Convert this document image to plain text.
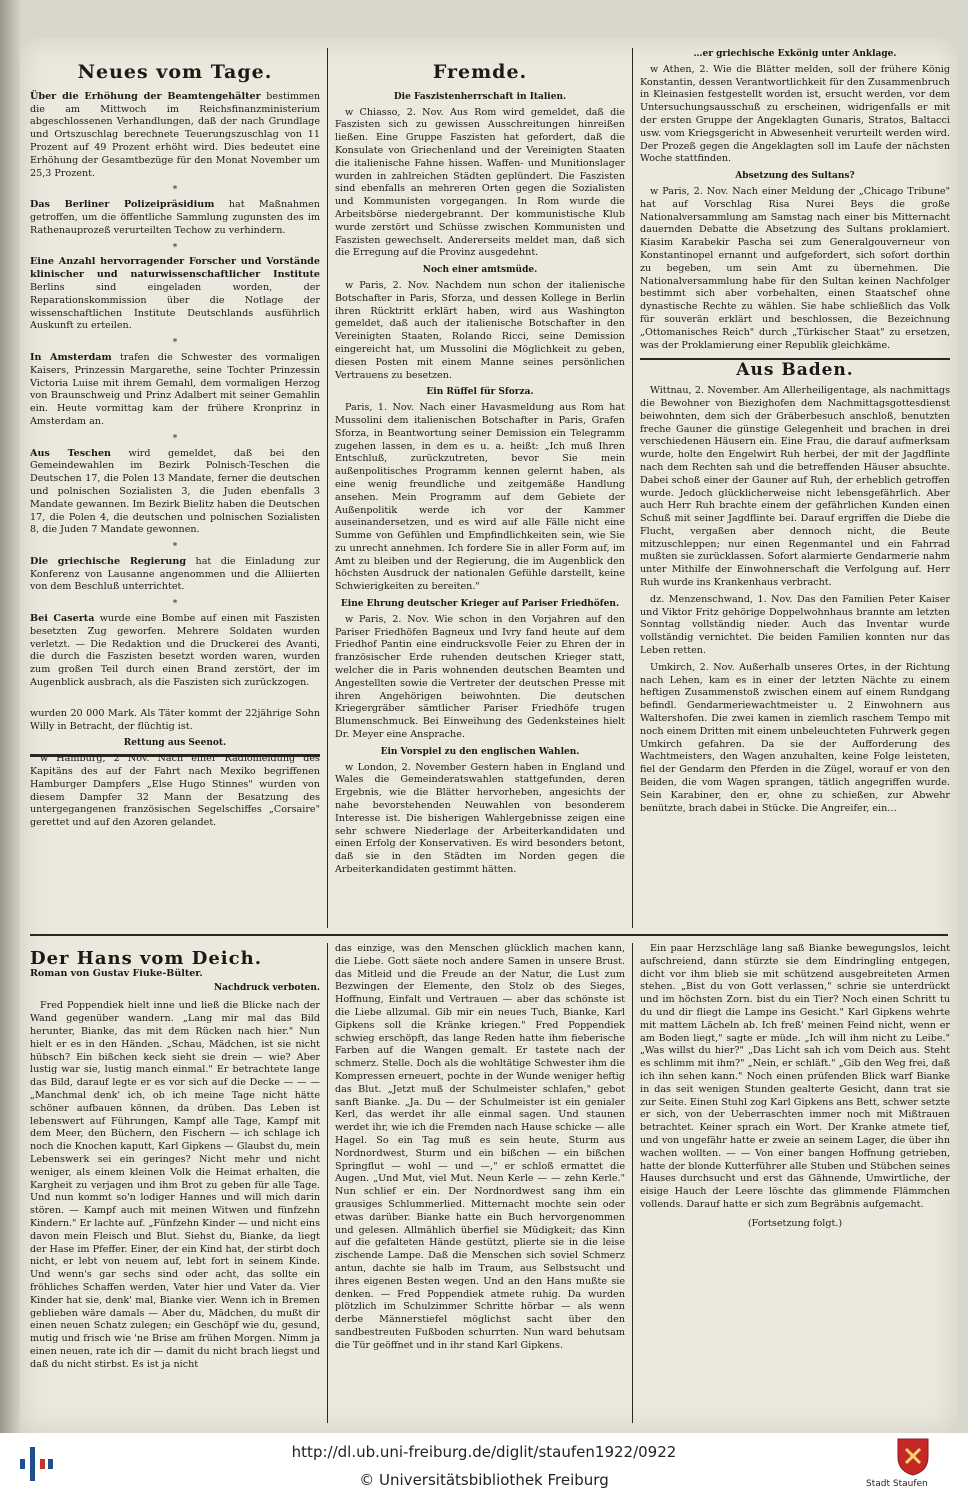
Neues vom Tage.

Über die Erhöhung der Beamtengehälter bestimmen die am Mittwoch im Reichsfinanzministerium abgeschlossenen Verhandlungen, daß der nach Grundlage und Ortszuschlag berechnete Teuerungszuschlag von 11 Prozent auf 49 Prozent erhöht wird. Dies bedeutet eine Erhöhung der Gesamtbezüge für den Monat November um 25,3 Prozent.

*

Das Berliner Polizeipräsidium hat Maßnahmen getroffen, um die öffentliche Sammlung zugunsten des im Rathenauprozeß verurteilten Techow zu verhindern.

*

Eine Anzahl hervorragender Forscher und Vorstände klinischer und naturwissenschaftlicher Institute Berlins sind eingeladen worden, der Reparationskommission über die Notlage der wissenschaftlichen Institute Deutschlands ausführlich Auskunft zu erteilen.

*

In Amsterdam trafen die Schwester des vormaligen Kaisers, Prinzessin Margarethe, seine Tochter Prinzessin Victoria Luise mit ihrem Gemahl, dem vormaligen Herzog von Braunschweig und Prinz Adalbert mit seiner Gemahlin ein. Heute vormittag kam der frühere Kronprinz in Amsterdam an.

*

Aus Teschen wird gemeldet, daß bei den Gemeindewahlen im Bezirk Polnisch-Teschen die Deutschen 17, die Polen 13 Mandate, ferner die deutschen und polnischen Sozialisten 3, die Juden ebenfalls 3 Mandate gewannen. Im Bezirk Bielitz haben die Deutschen 17, die Polen 4, die deutschen und polnischen Sozialisten 8, die Juden 7 Mandate gewonnen.

*

Die griechische Regierung hat die Einladung zur Konferenz von Lausanne angenommen und die Alliierten von dem Beschluß unterrichtet.

*

Bei Caserta wurde eine Bombe auf einen mit Faszisten besetzten Zug geworfen. Mehrere Soldaten wurden verletzt. — Die Redaktion und die Druckerei des Avanti, die durch die Faszisten besetzt worden waren, wurden zum großen Teil durch einen Brand zerstört, der im Augenblick ausbrach, als die Faszisten sich zurückzogen.

wurden 20 000 Mark. Als Täter kommt der 22jährige Sohn Willy in Betracht, der flüchtig ist.

Rettung aus Seenot.

w Hamburg, 2 Nov. Nach einer Radiomeldung des Kapitäns des auf der Fahrt nach Mexiko begriffenen Hamburger Dampfers „Else Hugo Stinnes" wurden von diesem Dampfer 32 Mann der Besatzung des untergegangenen französischen Segelschiffes „Corsaire" gerettet und auf den Azoren gelandet.

Fremde.
Die Faszistenherrschaft in Italien.

w Chiasso, 2. Nov. Aus Rom wird gemeldet, daß die Faszisten sich zu gewissen Ausschreitungen hinreißen ließen. Eine Gruppe Faszisten hat gefordert, daß die Konsulate von Griechenland und der Vereinigten Staaten die italienische Fahne hissen. Waffen- und Munitionslager wurden in zahlreichen Städten geplündert. Die Faszisten sind ebenfalls an mehreren Orten gegen die Sozialisten und Kommunisten vorgegangen. In Rom wurde die Arbeitsbörse niedergebrannt. Der kommunistische Klub wurde zerstört und Schüsse zwischen Kommunisten und Faszisten gewechselt. Andererseits meldet man, daß sich die Erregung auf die Provinz ausgedehnt.

Noch einer amtsmüde.

w Paris, 2. Nov. Nachdem nun schon der italienische Botschafter in Paris, Sforza, und dessen Kollege in Berlin ihren Rücktritt erklärt haben, wird aus Washington gemeldet, daß auch der italienische Botschafter in den Vereinigten Staaten, Rolando Ricci, seine Demission eingereicht hat, um Mussolini die Möglichkeit zu geben, diesen Posten mit einem Manne seines persönlichen Vertrauens zu besetzen.

Ein Rüffel für Sforza.

Paris, 1. Nov. Nach einer Havasmeldung aus Rom hat Mussolini dem italienischen Botschafter in Paris, Grafen Sforza, in Beantwortung seiner Demission ein Telegramm zugehen lassen, in dem es u. a. heißt: „Ich muß Ihren Entschluß, zurückzutreten, bevor Sie mein außenpolitisches Programm kennen gelernt haben, als eine wenig freundliche und zeitgemäße Handlung ansehen. Mein Programm auf dem Gebiete der Außenpolitik werde ich vor der Kammer auseinandersetzen, und es wird auf alle Fälle nicht eine Summe von Gefühlen und Empfindlichkeiten sein, wie Sie zu unrecht annehmen. Ich fordere Sie in aller Form auf, im Amt zu bleiben und der Regierung, die im Augenblick den höchsten Ausdruck der nationalen Gefühle darstellt, keine Schwierigkeiten zu bereiten."

Eine Ehrung deutscher Krieger auf Pariser Friedhöfen.

w Paris, 2. Nov. Wie schon in den Vorjahren auf den Pariser Friedhöfen Bagneux und Ivry fand heute auf dem Friedhof Pantin eine eindrucksvolle Feier zu Ehren der in französischer Erde ruhenden deutschen Krieger statt, welcher die in Paris wohnenden deutschen Beamten und Angestellten sowie die Vertreter der deutschen Presse mit ihren Angehörigen beiwohnten. Die deutschen Kriegergräber sämtlicher Pariser Friedhöfe trugen Blumenschmuck. Bei Einweihung des Gedenksteines hielt Dr. Meyer eine Ansprache.

Ein Vorspiel zu den englischen Wahlen.

w London, 2. November Gestern haben in England und Wales die Gemeinderatswahlen stattgefunden, deren Ergebnis, wie die Blätter hervorheben, angesichts der nahe bevorstehenden Neuwahlen von besonderem Interesse ist. Die bisherigen Wahlergebnisse zeigen eine sehr schwere Niederlage der Arbeiterkandidaten und einen Erfolg der Konservativen. Es wird besonders betont, daß sie in den Städten im Norden gegen die Arbeiterkandidaten gestimmt hätten.

…er griechische Exkönig unter Anklage.

w Athen, 2. Wie die Blätter melden, soll der frühere König Konstantin, dessen Verantwortlichkeit für den Zusammenbruch in Kleinasien festgestellt worden ist, ersucht werden, vor dem Untersuchungsausschuß zu erscheinen, widrigenfalls er mit der ersten Gruppe der Angeklagten Gunaris, Stratos, Baltacci usw. vom Kriegsgericht in Abwesenheit verurteilt werden wird. Der Prozeß gegen die Angeklagten soll im Laufe der nächsten Woche stattfinden.

Absetzung des Sultans?

w Paris, 2. Nov. Nach einer Meldung der „Chicago Tribune" hat auf Vorschlag Risa Nurei Beys die große Nationalversammlung am Samstag nach einer bis Mitternacht dauernden Debatte die Absetzung des Sultans proklamiert. Kiasim Karabekir Pascha sei zum Generalgouverneur von Konstantinopel ernannt und aufgefordert, sich sofort dorthin zu begeben, um sein Amt zu übernehmen. Die Nationalversammlung habe für den Sultan keinen Nachfolger bestimmt sich aber vorbehalten, einen Staatschef ohne dynastische Rechte zu wählen. Sie habe schließlich das Volk für souverän erklärt und beschlossen, die Bezeichnung „Ottomanisches Reich" durch „Türkischer Staat" zu ersetzen, was der Proklamierung einer Republik gleichkäme.

Aus Baden.

Wittnau, 2. November. Am Allerheiligentage, als nachmittags die Bewohner von Biezighofen dem Nachmittagsgottesdienst beiwohnten, dem sich der Gräberbesuch anschloß, benutzten freche Gauner die günstige Gelegenheit und brachen in drei verschiedenen Häusern ein. Eine Frau, die darauf aufmerksam wurde, holte den Engelwirt Ruh herbei, der mit der Jagdflinte nach dem Rechten sah und die betreffenden Häuser absuchte. Dabei schoß einer der Gauner auf Ruh, der erheblich getroffen wurde. Jedoch glücklicherweise nicht lebensgefährlich. Aber auch Herr Ruh brachte einem der gefährlichen Kunden einen Schuß mit seiner Jagdflinte bei. Darauf ergriffen die Diebe die Flucht, vergaßen aber dennoch nicht, die Beute mitzuschleppen; nur einen Regenmantel und ein Fahrrad mußten sie zurücklassen. Sofort alarmierte Gendarmerie nahm unter Mithilfe der Einwohnerschaft die Verfolgung auf. Herr Ruh wurde ins Krankenhaus verbracht.

dz. Menzenschwand, 1. Nov. Das den Familien Peter Kaiser und Viktor Fritz gehörige Doppelwohnhaus brannte am letzten Sonntag vollständig nieder. Auch das Inventar wurde vollständig vernichtet. Die beiden Familien konnten nur das Leben retten.

Umkirch, 2. Nov. Außerhalb unseres Ortes, in der Richtung nach Lehen, kam es in einer der letzten Nächte zu einem heftigen Zusammenstoß zwischen einem auf einem Rundgang befindl. Gendarmeriewachtmeister u. 2 Einwohnern aus Waltershofen. Die zwei kamen in ziemlich raschem Tempo mit noch einem Dritten mit einem unbeleuchteten Fuhrwerk gegen Umkirch gefahren. Da sie der Aufforderung des Wachtmeisters, den Wagen anzuhalten, keine Folge leisteten, fiel der Gendarm den Pferden in die Zügel, worauf er von den Beiden, die vom Wagen sprangen, tätlich angegriffen wurde. Sein Karabiner, den er, ohne zu schießen, zur Abwehr benützte, brach dabei in Stücke. Die Angreifer, ein…

Der Hans vom Deich.
Roman von Gustav Fiuke-Bülter.
Nachdruck verboten.

Fred Poppendiek hielt inne und ließ die Blicke nach der Wand gegenüber wandern. „Lang mir mal das Bild herunter, Bianke, das mit dem Rücken nach hier." Nun hielt er es in den Händen. „Schau, Mädchen, ist sie nicht hübsch? Ein bißchen keck sieht sie drein — wie? Aber lustig war sie, lustig manch einmal." Er betrachtete lange das Bild, darauf legte er es vor sich auf die Decke — — — „Manchmal denk' ich, ob ich meine Tage nicht hätte schöner aufbauen können, da drüben. Das Leben ist lebenswert auf Führungen, Kampf alle Tage, Kampf mit dem Meer, den Büchern, den Fischern — ich schlage ich noch die Knochen kaputt, Karl Gipkens — Glaubst du, mein Lebenswerk sei ein geringes? Nicht mehr und nicht weniger, als einem kleinen Volk die Heimat erhalten, die Kargheit zu verjagen und ihm Brot zu geben für alle Tage. Und nun kommt so'n lodiger Hannes und will mich darin stören. — Kampf auch mit meinen Witwen und fünfzehn Kindern." Er lachte auf. „Fünfzehn Kinder — und nicht eins davon mein Fleisch und Blut. Siehst du, Bianke, da liegt der Hase im Pfeffer. Einer, der ein Kind hat, der stirbt doch nicht, er lebt von neuem auf, lebt fort in seinem Kinde. Und wenn's gar sechs sind oder acht, das sollte ein fröhliches Schaffen werden, Vater hier und Vater da. Vier Kinder hat sie, denk' mal, Bianke vier. Wenn ich in Bremen geblieben wäre damals — Aber du, Mädchen, du mußt dir einen neuen Schatz zulegen; ein Geschöpf wie du, gesund, mutig und frisch wie 'ne Brise am frühen Morgen. Nimm ja einen neuen, rate ich dir — damit du nicht brach liegst und daß du nicht stirbst. Es ist ja nicht

das einzige, was den Menschen glücklich machen kann, die Liebe. Gott säete noch andere Samen in unsere Brust. das Mitleid und die Freude an der Natur, die Lust zum Bezwingen der Elemente, den Stolz ob des Sieges, Hoffnung, Einfalt und Vertrauen — aber das schönste ist die Liebe allzumal. Gib mir ein neues Tuch, Bianke, Karl Gipkens soll die Kränke kriegen." Fred Poppendiek schwieg erschöpft, das lange Reden hatte ihm fieberische Farben auf die Wangen gemalt. Er tastete nach der schmerz. Stelle. Doch als die wohltätige Schwester ihm die Kompressen erneuert, pochte in der Wunde weniger heftig das Blut. „Jetzt muß der Schulmeister schlafen," gebot sanft Bianke. „Ja. Du — der Schulmeister ist ein genialer Kerl, das werdet ihr alle einmal sagen. Und staunen werdet ihr, wie ich die Fremden nach Hause schicke — alle Hagel. So ein Tag muß es sein heute, Sturm aus Nordnordwest, Sturm und ein bißchen — ein bißchen Springflut — wohl — und —," er schloß ermattet die Augen. „Und Mut, viel Mut. Neun Kerle — — zehn Kerle." Nun schlief er ein. Der Nordnordwest sang ihm ein grausiges Schlummerlied. Mitternacht mochte sein oder etwas darüber. Bianke hatte ein Buch hervorgenommen und gelesen. Allmählich überfiel sie Müdigkeit; das Kinn auf die gefalteten Hände gestützt, plierte sie in die leise zischende Lampe. Daß die Menschen sich soviel Schmerz antun, dachte sie halb im Traum, aus Selbstsucht und ihres eigenen Besten wegen. Und an den Hans mußte sie denken. — Fred Poppendiek atmete ruhig. Da wurden plötzlich im Schulzimmer Schritte hörbar — als wenn derbe Männerstiefel möglichst sacht über den sandbestreuten Fußboden schurrten. Nun ward behutsam die Tür geöffnet und in ihr stand Karl Gipkens.

Ein paar Herzschläge lang saß Bianke bewegungslos, leicht aufschreiend, dann stürzte sie dem Eindringling entgegen, dicht vor ihm blieb sie mit schützend ausgebreiteten Armen stehen. „Bist du von Gott verlassen," schrie sie unterdrückt und im höchsten Zorn. bist du ein Tier? Noch einen Schritt tu du und dir fliegt die Lampe ins Gesicht." Karl Gipkens wehrte mit mattem Lächeln ab. Ich freß' meinen Feind nicht, wenn er am Boden liegt," sagte er müde. „Ich will ihm nicht zu Leibe." „Was willst du hier?" „Das Licht sah ich vom Deich aus. Steht es schlimm mit ihm?" „Nein, er schläft." „Gib den Weg frei, daß ich ihn sehen kann." Noch einen prüfenden Blick warf Bianke in das seit wenigen Stunden gealterte Gesicht, dann trat sie zur Seite. Einen Stuhl zog Karl Gipkens ans Bett, schwer setzte er sich, von der Ueberraschten immer noch mit Mißtrauen betrachtet. Keiner sprach ein Wort. Der Kranke atmete tief, und von ungefähr hatte er zweie an seinem Lager, die über ihn wachen wollten. — — Von einer bangen Hoffnung getrieben, hatte der blonde Kutterführer alle Stuben und Stübchen seines Hauses durchsucht und erst das Gähnende, Umwirtliche, der eisige Hauch der Leere löschte das glimmende Flämmchen vollends. Darauf hatte er sich zum Begräbnis aufgemacht.

(Fortsetzung folgt.)
http://dl.ub.uni-freiburg.de/diglit/staufen1922/0922
© Universitätsbibliothek Freiburg	Stadt Staufen
